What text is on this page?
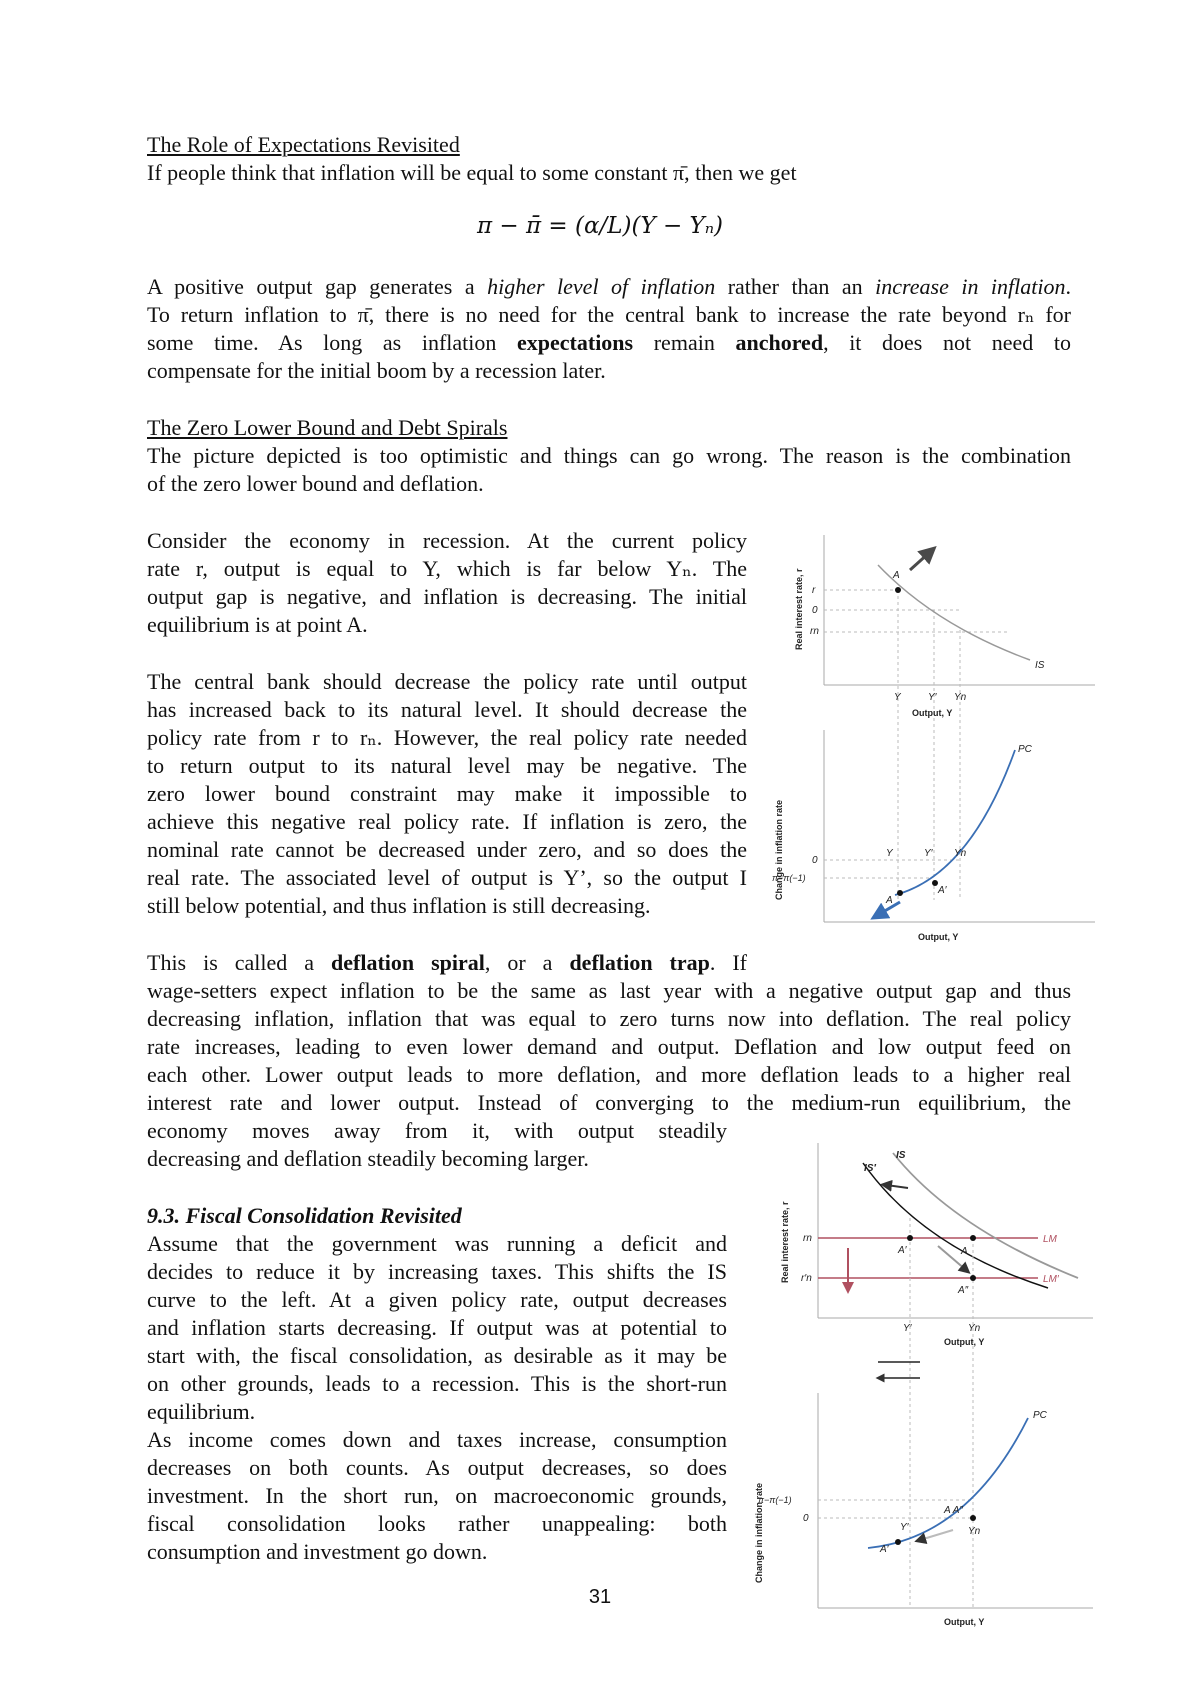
The Role of Expectations Revisited
If people think that inflation will be equal to some constant π̄, then we get
π − π̄ = (α/L)(Y − Yₙ)
A positive output gap generates a higher level of inflation rather than an increase in inflation.
To return inflation to π̄, there is no need for the central bank to increase the rate beyond rₙ for
some time. As long as inflation expectations remain anchored, it does not need to
compensate for the initial boom by a recession later.
The Zero Lower Bound and Debt Spirals
The picture depicted is too optimistic and things can go wrong. The reason is the combination
of the zero lower bound and deflation.
Consider the economy in recession. At the current policy
rate r, output is equal to Y, which is far below Yₙ. The
output gap is negative, and inflation is decreasing. The initial
equilibrium is at point A.
The central bank should decrease the policy rate until output
has increased back to its natural level. It should decrease the
policy rate from r to rₙ. However, the real policy rate needed
to return output to its natural level may be negative. The
zero lower bound constraint may make it impossible to
achieve this negative real policy rate. If inflation is zero, the
nominal rate cannot be decreased under zero, and so does the
real rate. The associated level of output is Y’, so the output I
still below potential, and thus inflation is still decreasing.
This is called a deflation spiral, or a deflation trap. If
wage-setters expect inflation to be the same as last year with a negative output gap and thus
decreasing inflation, inflation that was equal to zero turns now into deflation. The real policy
rate increases, leading to even lower demand and output. Deflation and low output feed on
each other. Lower output leads to more deflation, and more deflation leads to a higher real
interest rate and lower output. Instead of converging to the medium-run equilibrium, the
economy moves away from it, with output steadily
decreasing and deflation steadily becoming larger.
9.3. Fiscal Consolidation Revisited
Assume that the government was running a deficit and
decides to reduce it by increasing taxes. This shifts the IS
curve to the left. At a given policy rate, output decreases
and inflation starts decreasing. If output was at potential to
start with, the fiscal consolidation, as desirable as it may be
on other grounds, leads to a recession. This is the short-run
equilibrium.
As income comes down and taxes increase, consumption
decreases on both counts. As output decreases, so does
investment. In the short run, on macroeconomic grounds,
fiscal consolidation looks rather unappealing: both
consumption and investment go down.
31
Real interest rate, r	A
IS
r
0
rn
Y	Y′ Yn
Output, Y
Change in inflation rate
PC
0
π−π(−1)
Y	Y′ Yn
A
A′
Output, Y
Real interest rate, r
IS
IS′
LM
LM′
rn
r′n
A′	A
A″
Y′	Yn
Output, Y
Change in inflation rate
PC
π−π(−1)
0
Y′	Yn
A′
A A″
Output, Y
